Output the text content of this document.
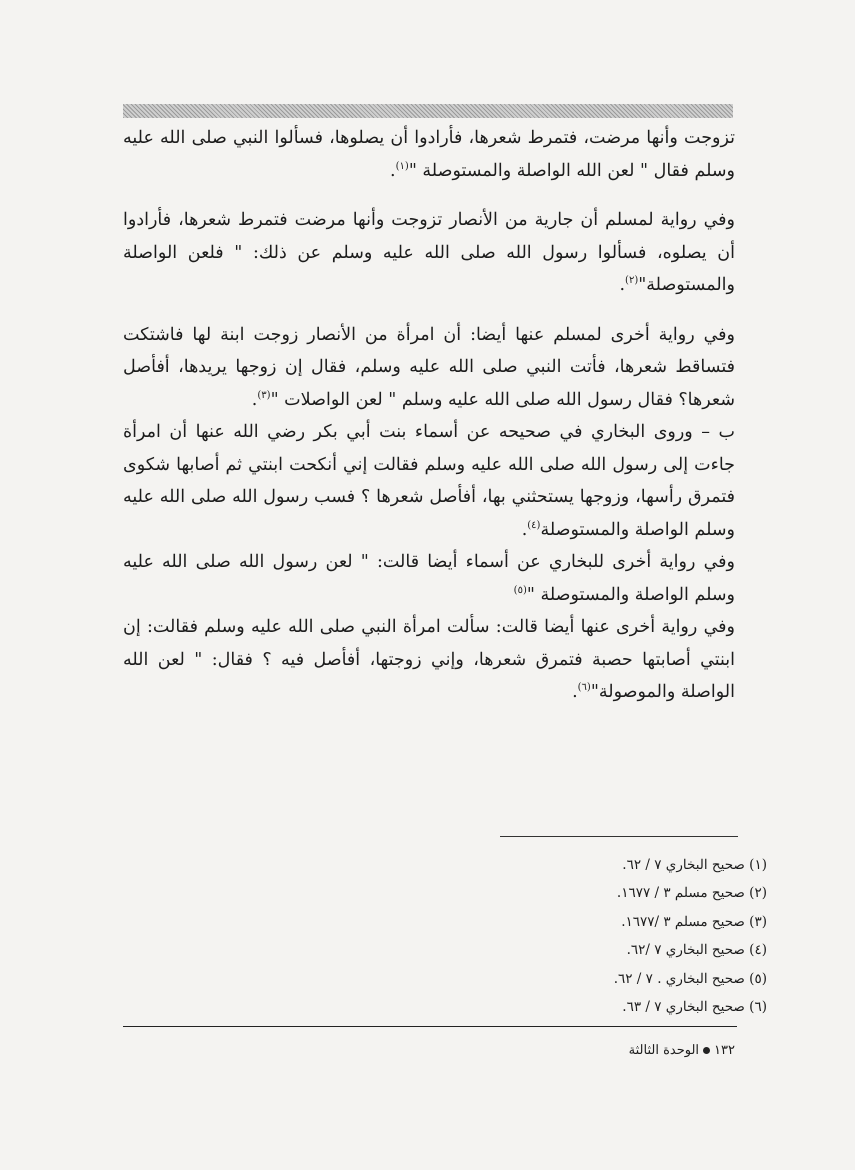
تزوجت وأنها مرضت، فتمرط شعرها، فأرادوا أن يصلوها، فسألوا النبي صلى الله عليه وسلم فقال " لعن الله الواصلة والمستوصلة "$^{(١)}$.

وفي رواية لمسلم أن جارية من الأنصار تزوجت وأنها مرضت فتمرط شعرها، فأرادوا أن يصلوه، فسألوا رسول الله صلى الله عليه وسلم عن ذلك: " فلعن الواصلة والمستوصلة"$^{(٢)}$.

وفي رواية أخرى لمسلم عنها أيضا: أن امرأة من الأنصار زوجت ابنة لها فاشتكت فتساقط شعرها، فأتت النبي صلى الله عليه وسلم، فقال إن زوجها يريدها، أفأصل شعرها؟ فقال رسول الله صلى الله عليه وسلم " لعن الواصلات "$^{(٣)}$.

ب – وروى البخاري في صحيحه عن أسماء بنت أبي بكر رضي الله عنها أن امرأة جاءت إلى رسول الله صلى الله عليه وسلم فقالت إني أنكحت ابنتي ثم أصابها شكوى فتمرق رأسها، وزوجها يستحثني بها، أفأصل شعرها ؟ فسب رسول الله صلى الله عليه وسلم الواصلة والمستوصلة$^{(٤)}$.

وفي رواية أخرى للبخاري عن أسماء أيضا قالت: " لعن رسول الله صلى الله عليه وسلم الواصلة والمستوصلة "$^{(٥)}$

وفي رواية أخرى عنها أيضا قالت: سألت امرأة النبي صلى الله عليه وسلم فقالت: إن ابنتي أصابتها حصبة فتمرق شعرها، وإني زوجتها، أفأصل فيه ؟ فقال: " لعن الله الواصلة والموصولة"$^{(٦)}$.

(١) صحيح البخاري ٧ / ٦٢.
(٢) صحيح مسلم ٣ / ١٦٧٧.
(٣) صحيح مسلم ٣ /١٦٧٧.
(٤) صحيح البخاري ٧ /٦٢.
(٥) صحيح البخاري . ٧ / ٦٢.
(٦) صحيح البخاري ٧ / ٦٣.
١٣٢الوحدة الثالثة
